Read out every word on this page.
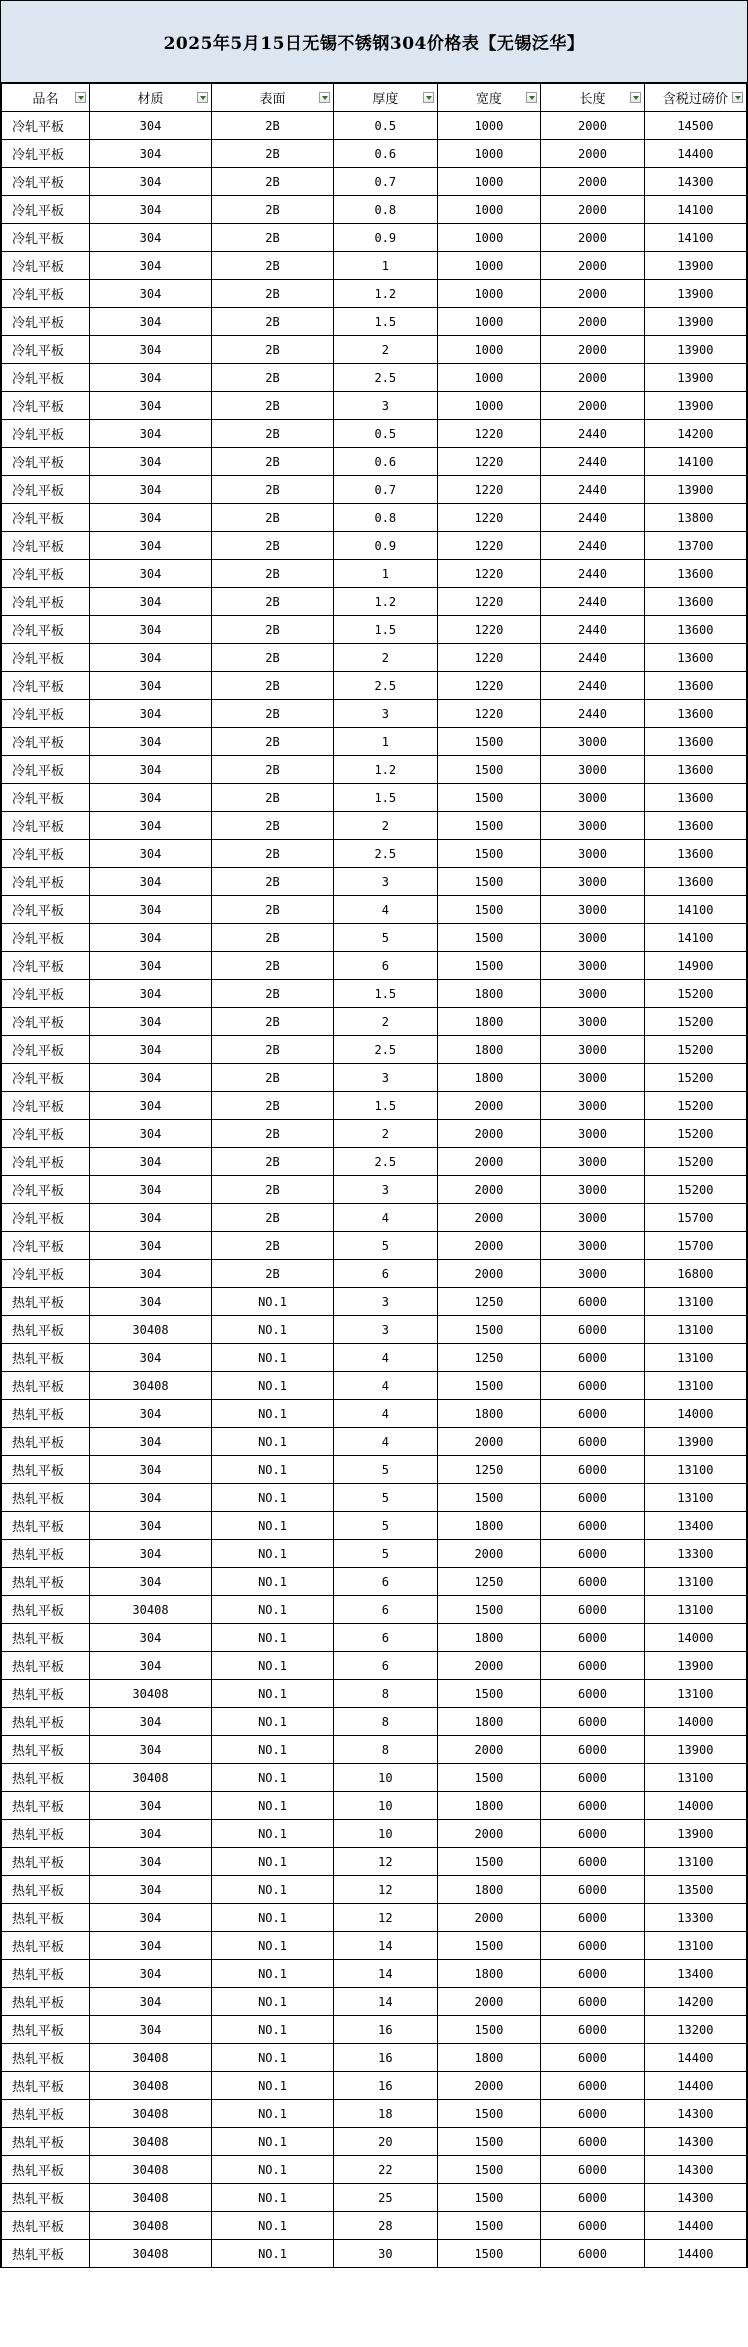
2025年5月15日无锡不锈钢304价格表【无锡泛华】
品名	材质	表面	厚度	宽度	长度	含税过磅价

冷轧平板	304	2B	0.5	1000	2000	14500
冷轧平板	304	2B	0.6	1000	2000	14400
冷轧平板	304	2B	0.7	1000	2000	14300
冷轧平板	304	2B	0.8	1000	2000	14100
冷轧平板	304	2B	0.9	1000	2000	14100
冷轧平板	304	2B	1	1000	2000	13900
冷轧平板	304	2B	1.2	1000	2000	13900
冷轧平板	304	2B	1.5	1000	2000	13900
冷轧平板	304	2B	2	1000	2000	13900
冷轧平板	304	2B	2.5	1000	2000	13900
冷轧平板	304	2B	3	1000	2000	13900
冷轧平板	304	2B	0.5	1220	2440	14200
冷轧平板	304	2B	0.6	1220	2440	14100
冷轧平板	304	2B	0.7	1220	2440	13900
冷轧平板	304	2B	0.8	1220	2440	13800
冷轧平板	304	2B	0.9	1220	2440	13700
冷轧平板	304	2B	1	1220	2440	13600
冷轧平板	304	2B	1.2	1220	2440	13600
冷轧平板	304	2B	1.5	1220	2440	13600
冷轧平板	304	2B	2	1220	2440	13600
冷轧平板	304	2B	2.5	1220	2440	13600
冷轧平板	304	2B	3	1220	2440	13600
冷轧平板	304	2B	1	1500	3000	13600
冷轧平板	304	2B	1.2	1500	3000	13600
冷轧平板	304	2B	1.5	1500	3000	13600
冷轧平板	304	2B	2	1500	3000	13600
冷轧平板	304	2B	2.5	1500	3000	13600
冷轧平板	304	2B	3	1500	3000	13600
冷轧平板	304	2B	4	1500	3000	14100
冷轧平板	304	2B	5	1500	3000	14100
冷轧平板	304	2B	6	1500	3000	14900
冷轧平板	304	2B	1.5	1800	3000	15200
冷轧平板	304	2B	2	1800	3000	15200
冷轧平板	304	2B	2.5	1800	3000	15200
冷轧平板	304	2B	3	1800	3000	15200
冷轧平板	304	2B	1.5	2000	3000	15200
冷轧平板	304	2B	2	2000	3000	15200
冷轧平板	304	2B	2.5	2000	3000	15200
冷轧平板	304	2B	3	2000	3000	15200
冷轧平板	304	2B	4	2000	3000	15700
冷轧平板	304	2B	5	2000	3000	15700
冷轧平板	304	2B	6	2000	3000	16800
热轧平板	304	NO.1	3	1250	6000	13100
热轧平板	30408	NO.1	3	1500	6000	13100
热轧平板	304	NO.1	4	1250	6000	13100
热轧平板	30408	NO.1	4	1500	6000	13100
热轧平板	304	NO.1	4	1800	6000	14000
热轧平板	304	NO.1	4	2000	6000	13900
热轧平板	304	NO.1	5	1250	6000	13100
热轧平板	304	NO.1	5	1500	6000	13100
热轧平板	304	NO.1	5	1800	6000	13400
热轧平板	304	NO.1	5	2000	6000	13300
热轧平板	304	NO.1	6	1250	6000	13100
热轧平板	30408	NO.1	6	1500	6000	13100
热轧平板	304	NO.1	6	1800	6000	14000
热轧平板	304	NO.1	6	2000	6000	13900
热轧平板	30408	NO.1	8	1500	6000	13100
热轧平板	304	NO.1	8	1800	6000	14000
热轧平板	304	NO.1	8	2000	6000	13900
热轧平板	30408	NO.1	10	1500	6000	13100
热轧平板	304	NO.1	10	1800	6000	14000
热轧平板	304	NO.1	10	2000	6000	13900
热轧平板	304	NO.1	12	1500	6000	13100
热轧平板	304	NO.1	12	1800	6000	13500
热轧平板	304	NO.1	12	2000	6000	13300
热轧平板	304	NO.1	14	1500	6000	13100
热轧平板	304	NO.1	14	1800	6000	13400
热轧平板	304	NO.1	14	2000	6000	14200
热轧平板	304	NO.1	16	1500	6000	13200
热轧平板	30408	NO.1	16	1800	6000	14400
热轧平板	30408	NO.1	16	2000	6000	14400
热轧平板	30408	NO.1	18	1500	6000	14300
热轧平板	30408	NO.1	20	1500	6000	14300
热轧平板	30408	NO.1	22	1500	6000	14300
热轧平板	30408	NO.1	25	1500	6000	14300
热轧平板	30408	NO.1	28	1500	6000	14400
热轧平板	30408	NO.1	30	1500	6000	14400
